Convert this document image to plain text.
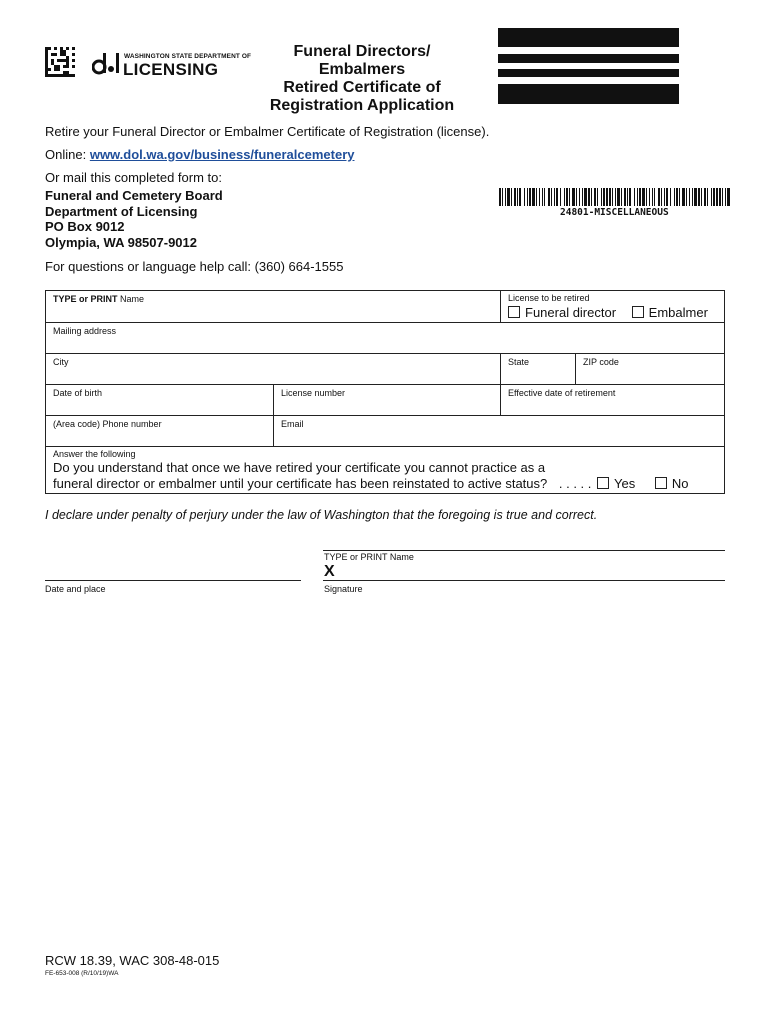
WASHINGTON STATE DEPARTMENT OF
LICENSING
Funeral Directors/
Embalmers
Retired Certificate of
Registration Application
Retire your Funeral Director or Embalmer Certificate of Registration (license).
Online: www.dol.wa.gov/business/funeralcemetery
Or mail this completed form to:
Funeral and Cemetery Board
Department of Licensing
PO Box 9012
Olympia, WA 98507-9012
For questions or language help call: (360) 664-1555
24801-MISCELLANEOUS
TYPE or PRINT Name	License to be retired
Funeral director	Embalmer
Mailing address
City	State	ZIP code
Date of birth	License number	Effective date of retirement
(Area code) Phone number	Email
Answer the following
Do you understand that once we have retired your certificate you cannot practice as a
funeral director or embalmer until your certificate has been reinstated to active status? . . . . . Yes	No
I declare under penalty of perjury under the law of Washington that the foregoing is true and correct.
TYPE or PRINT Name
X
Date and place	Signature
RCW 18.39, WAC 308-48-015
FE-653-008 (R/10/19)WA
